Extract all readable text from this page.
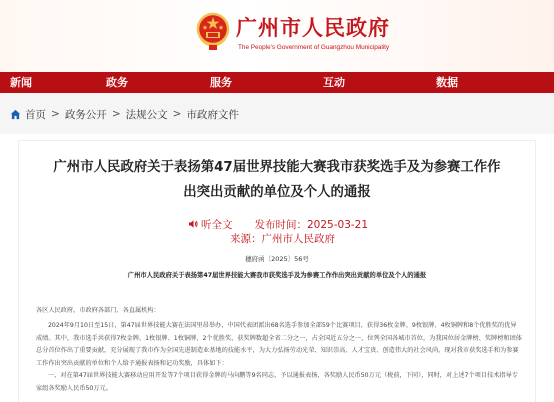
广州市人民政府
The People's Government of Guangzhou Municipality
新闻	政务	服务	互动	数据
首页 > 政务公开 > 法规公文 > 市政府文件
广州市人民政府关于表扬第47届世界技能大赛我市获奖选手及为参赛工作作
出突出贡献的单位及个人的通报
听全文 发布时间：2025-03-21
来源：广州市人民政府
穗府函〔2025〕56号
广州市人民政府关于表扬第47届世界技能大赛我市获奖选手及为参赛工作作出突出贡献的单位及个人的通报
各区人民政府，市政府各部门、各直属机构：
2024年9月10日至15日，第47届世界技能大赛在法国里昂举办，中国代表团派出68名选手参加全部59个比赛项目，获得36枚金牌、9枚银牌、4枚铜牌和8个优胜奖的优异成绩。其中，我市选手共获得7枚金牌、1枚银牌、1枚铜牌、2个优胜奖，获奖牌数超全省二分之一，占全国近五分之一，位列全国各城市首位，为我国位居金牌榜、奖牌榜和团体总分首位作出了重要贡献，充分展现了我市作为全国先进制造业基地的技能水平，为大力弘扬劳动光荣、知识崇高、人才宝贵、创造伟大的社会风尚，现对我市获奖选手和为参赛工作作出突出贡献的单位和个人给予通报表扬和记功奖励，具体如下：
一、对在第47届世界技能大赛移动应用开发等7个项目获得金牌的马向鹏等9名同志，予以通报表扬，各奖励人民币50万元（税前，下同），同时，对上述7个项目技术指导专家组各奖励人民币50万元。
